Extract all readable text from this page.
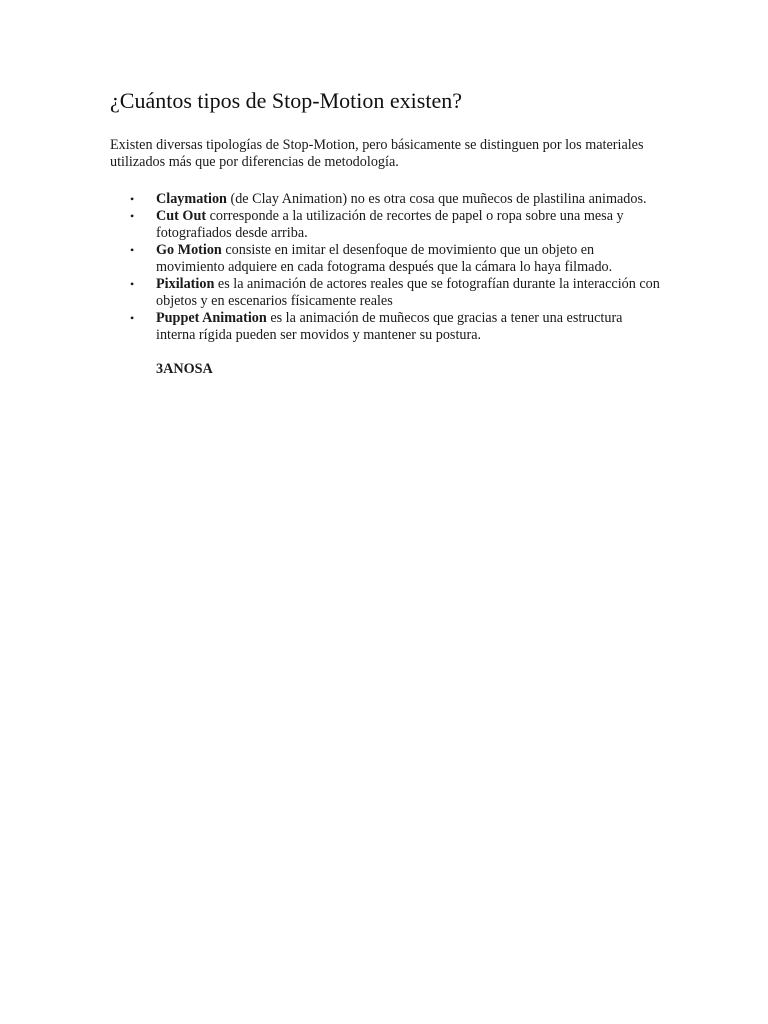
¿Cuántos tipos de Stop-Motion existen?

Existen diversas tipologías de Stop-Motion, pero básicamente se distinguen por los materiales utilizados más que por diferencias de metodología.

• Claymation (de Clay Animation) no es otra cosa que muñecos de plastilina animados.
• Cut Out corresponde a la utilización de recortes de papel o ropa sobre una mesa y fotografiados desde arriba.
• Go Motion consiste en imitar el desenfoque de movimiento que un objeto en movimiento adquiere en cada fotograma después que la cámara lo haya filmado.
• Pixilation es la animación de actores reales que se fotografían durante la interacción con objetos y en escenarios físicamente reales
• Puppet Animation es la animación de muñecos que gracias a tener una estructura interna rígida pueden ser movidos y mantener su postura.

3ANOSA
